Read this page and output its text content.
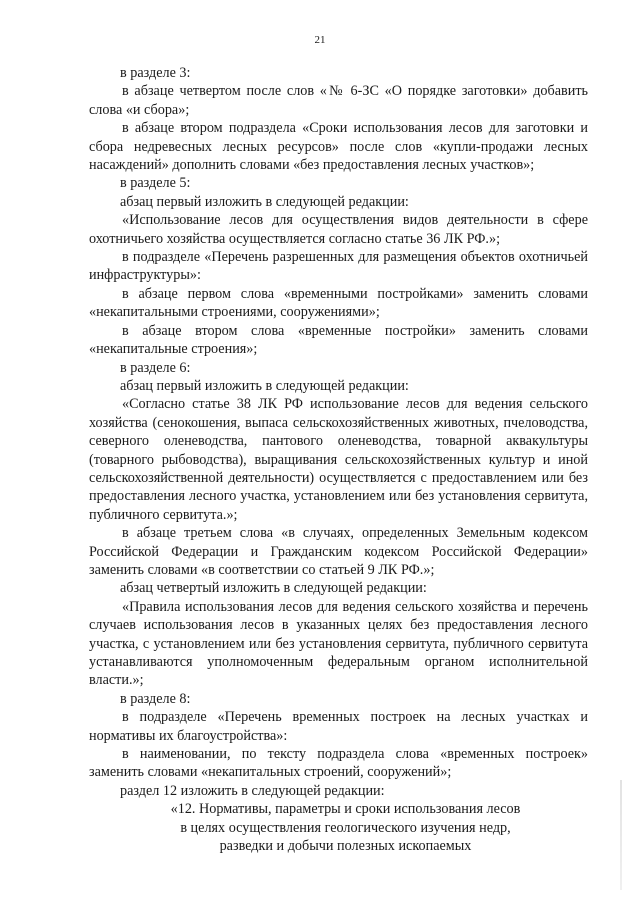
21

в разделе 3:

в абзаце четвертом после слов «№ 6-ЗС «О порядке заготовки» добавить слова «и сбора»;

в абзаце втором подраздела «Сроки использования лесов для заготовки и сбора недревесных лесных ресурсов» после слов «купли-продажи лесных насаждений» дополнить словами «без предоставления лесных участков»;

в разделе 5:

абзац первый изложить в следующей редакции:

«Использование лесов для осуществления видов деятельности в сфере охотничьего хозяйства осуществляется согласно статье 36 ЛК РФ.»;

в подразделе «Перечень разрешенных для размещения объектов охотничьей инфраструктуры»:

в абзаце первом слова «временными постройками» заменить словами «некапитальными строениями, сооружениями»;

в абзаце втором слова «временные постройки» заменить словами «некапитальные строения»;

в разделе 6:

абзац первый изложить в следующей редакции:

«Согласно статье 38 ЛК РФ использование лесов для ведения сельского хозяйства (сенокошения, выпаса сельскохозяйственных животных, пчеловодства, северного оленеводства, пантового оленеводства, товарной аквакультуры (товарного рыбоводства), выращивания сельскохозяйственных культур и иной сельскохозяйственной деятельности) осуществляется с предоставлением или без предоставления лесного участка, установлением или без установления сервитута, публичного сервитута.»;

в абзаце третьем слова «в случаях, определенных Земельным кодексом Российской Федерации и Гражданским кодексом Российской Федерации» заменить словами «в соответствии со статьей 9 ЛК РФ.»;

абзац четвертый изложить в следующей редакции:

«Правила использования лесов для ведения сельского хозяйства и перечень случаев использования лесов в указанных целях без предоставления лесного участка, с установлением или без установления сервитута, публичного сервитута устанавливаются уполномоченным федеральным органом исполнительной власти.»;

в разделе 8:

в подразделе «Перечень временных построек на лесных участках и нормативы их благоустройства»:

в наименовании, по тексту подраздела слова «временных построек» заменить словами «некапитальных строений, сооружений»;

раздел 12 изложить в следующей редакции:

«12. Нормативы, параметры и сроки использования лесов

в целях осуществления геологического изучения недр,

разведки и добычи полезных ископаемых
